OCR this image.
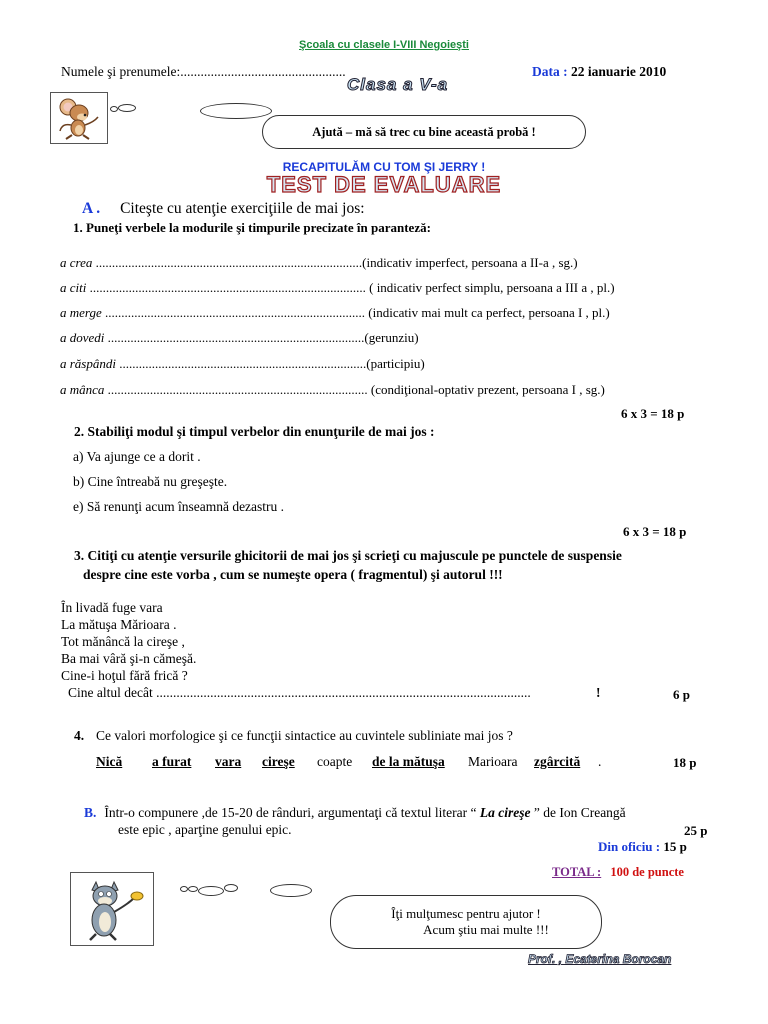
Şcoala cu clasele I-VIII Negoieşti
Numele şi prenumele:.................................................	Data : 22 ianuarie 2010
Clasa a V-a
Ajută – mă să trec cu bine această probă !
RECAPITULĂM CU TOM ŞI JERRY !
TEST DE EVALUARE
A . Citeşte cu atenţie exerciţiile de mai jos:
1. Puneţi verbele la modurile şi timpurile precizate în paranteză:
a crea ..................................................................................(indicativ imperfect, persoana a II-a , sg.)
a citi ..................................................................................... ( indicativ perfect simplu, persoana a III a , pl.)
a merge ................................................................................ (indicativ mai mult ca perfect, persoana I , pl.)
a dovedi ...............................................................................(gerunziu)
a răspândi ............................................................................(participiu)
a mânca ................................................................................ (condiţional-optativ prezent, persoana I , sg.)
6 x 3 = 18 p
2. Stabiliţi modul şi timpul verbelor din enunţurile de mai jos :
a) Va ajunge ce a dorit .
b) Cine întreabă nu greşeşte.
e) Să renunţi acum înseamnă dezastru .
6 x 3 = 18 p
3. Citiţi cu atenţie versurile ghicitorii de mai jos şi scrieţi cu majuscule pe punctele de suspensie
despre cine este vorba , cum se numeşte opera ( fragmentul) şi autorul !!!
Ȋn livadă fuge vara
La mătuşa Mărioara .
Tot mănâncă la cireşe ,
Ba mai vâră şi-n cămeşă.
Cine-i hoţul fără frică ?
Cine altul decât ...............................................................................................................	!	6 p
4. Ce valori morfologice şi ce funcţii sintactice au cuvintele subliniate mai jos ?
Nică a furat vara cireşe coapte de la mătuşa Marioara zgârcită .	18 p
B. Ȋntr-o compunere ,de 15-20 de rânduri, argumentaţi că textul literar “ La cireşe ” de Ion Creangă
este epic , aparţine genului epic.	25 p
Din oficiu : 15 p
TOTAL : 100 de puncte
Ȋţi mulţumesc pentru ajutor !
Acum ştiu mai multe !!!
Prof. , Ecaterina Borocan
